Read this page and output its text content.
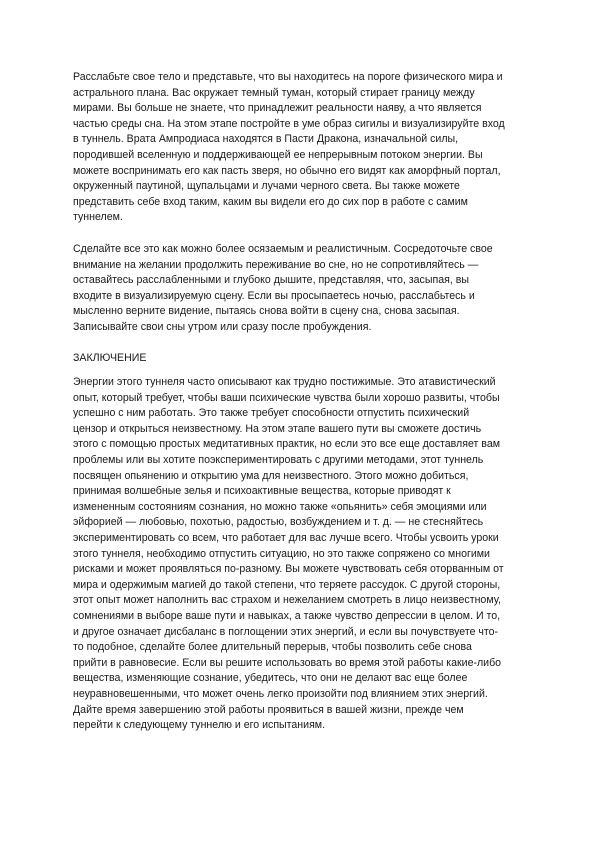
Расслабьте свое тело и представьте, что вы находитесь на пороге физического мира и
астрального плана. Вас окружает темный туман, который стирает границу между
мирами. Вы больше не знаете, что принадлежит реальности наяву, а что является
частью среды сна. На этом этапе постройте в уме образ сигилы и визуализируйте вход
в туннель. Врата Ампродиаса находятся в Пасти Дракона, изначальной силы,
породившей вселенную и поддерживающей ее непрерывным потоком энергии. Вы
можете воспринимать его как пасть зверя, но обычно его видят как аморфный портал,
окруженный паутиной, щупальцами и лучами черного света. Вы также можете
представить себе вход таким, каким вы видели его до сих пор в работе с самим
туннелем.

Сделайте все это как можно более осязаемым и реалистичным. Сосредоточьте свое
внимание на желании продолжить переживание во сне, но не сопротивляйтесь —
оставайтесь расслабленными и глубоко дышите, представляя, что, засыпая, вы
входите в визуализируемую сцену. Если вы просыпаетесь ночью, расслабьтесь и
мысленно верните видение, пытаясь снова войти в сцену сна, снова засыпая.
Записывайте свои сны утром или сразу после пробуждения.

ЗАКЛЮЧЕНИЕ

Энергии этого туннеля часто описывают как трудно постижимые. Это атавистический
опыт, который требует, чтобы ваши психические чувства были хорошо развиты, чтобы
успешно с ним работать. Это также требует способности отпустить психический
цензор и открыться неизвестному. На этом этапе вашего пути вы сможете достичь
этого с помощью простых медитативных практик, но если это все еще доставляет вам
проблемы или вы хотите поэкспериментировать с другими методами, этот туннель
посвящен опьянению и открытию ума для неизвестного. Этого можно добиться,
принимая волшебные зелья и психоактивные вещества, которые приводят к
измененным состояниям сознания, но можно также «опьянить» себя эмоциями или
эйфорией — любовью, похотью, радостью, возбуждением и т. д. — не стесняйтесь
экспериментировать со всем, что работает для вас лучше всего. Чтобы усвоить уроки
этого туннеля, необходимо отпустить ситуацию, но это также сопряжено со многими
рисками и может проявляться по-разному. Вы можете чувствовать себя оторванным от
мира и одержимым магией до такой степени, что теряете рассудок. С другой стороны,
этот опыт может наполнить вас страхом и нежеланием смотреть в лицо неизвестному,
сомнениями в выборе ваше пути и навыках, а также чувство депрессии в целом. И то,
и другое означает дисбаланс в поглощении этих энергий, и если вы почувствуете что-
то подобное, сделайте более длительный перерыв, чтобы позволить себе снова
прийти в равновесие. Если вы решите использовать во время этой работы какие-либо
вещества, изменяющие сознание, убедитесь, что они не делают вас еще более
неуравновешенными, что может очень легко произойти под влиянием этих энергий.
Дайте время завершению этой работы проявиться в вашей жизни, прежде чем
перейти к следующему туннелю и его испытаниям.
